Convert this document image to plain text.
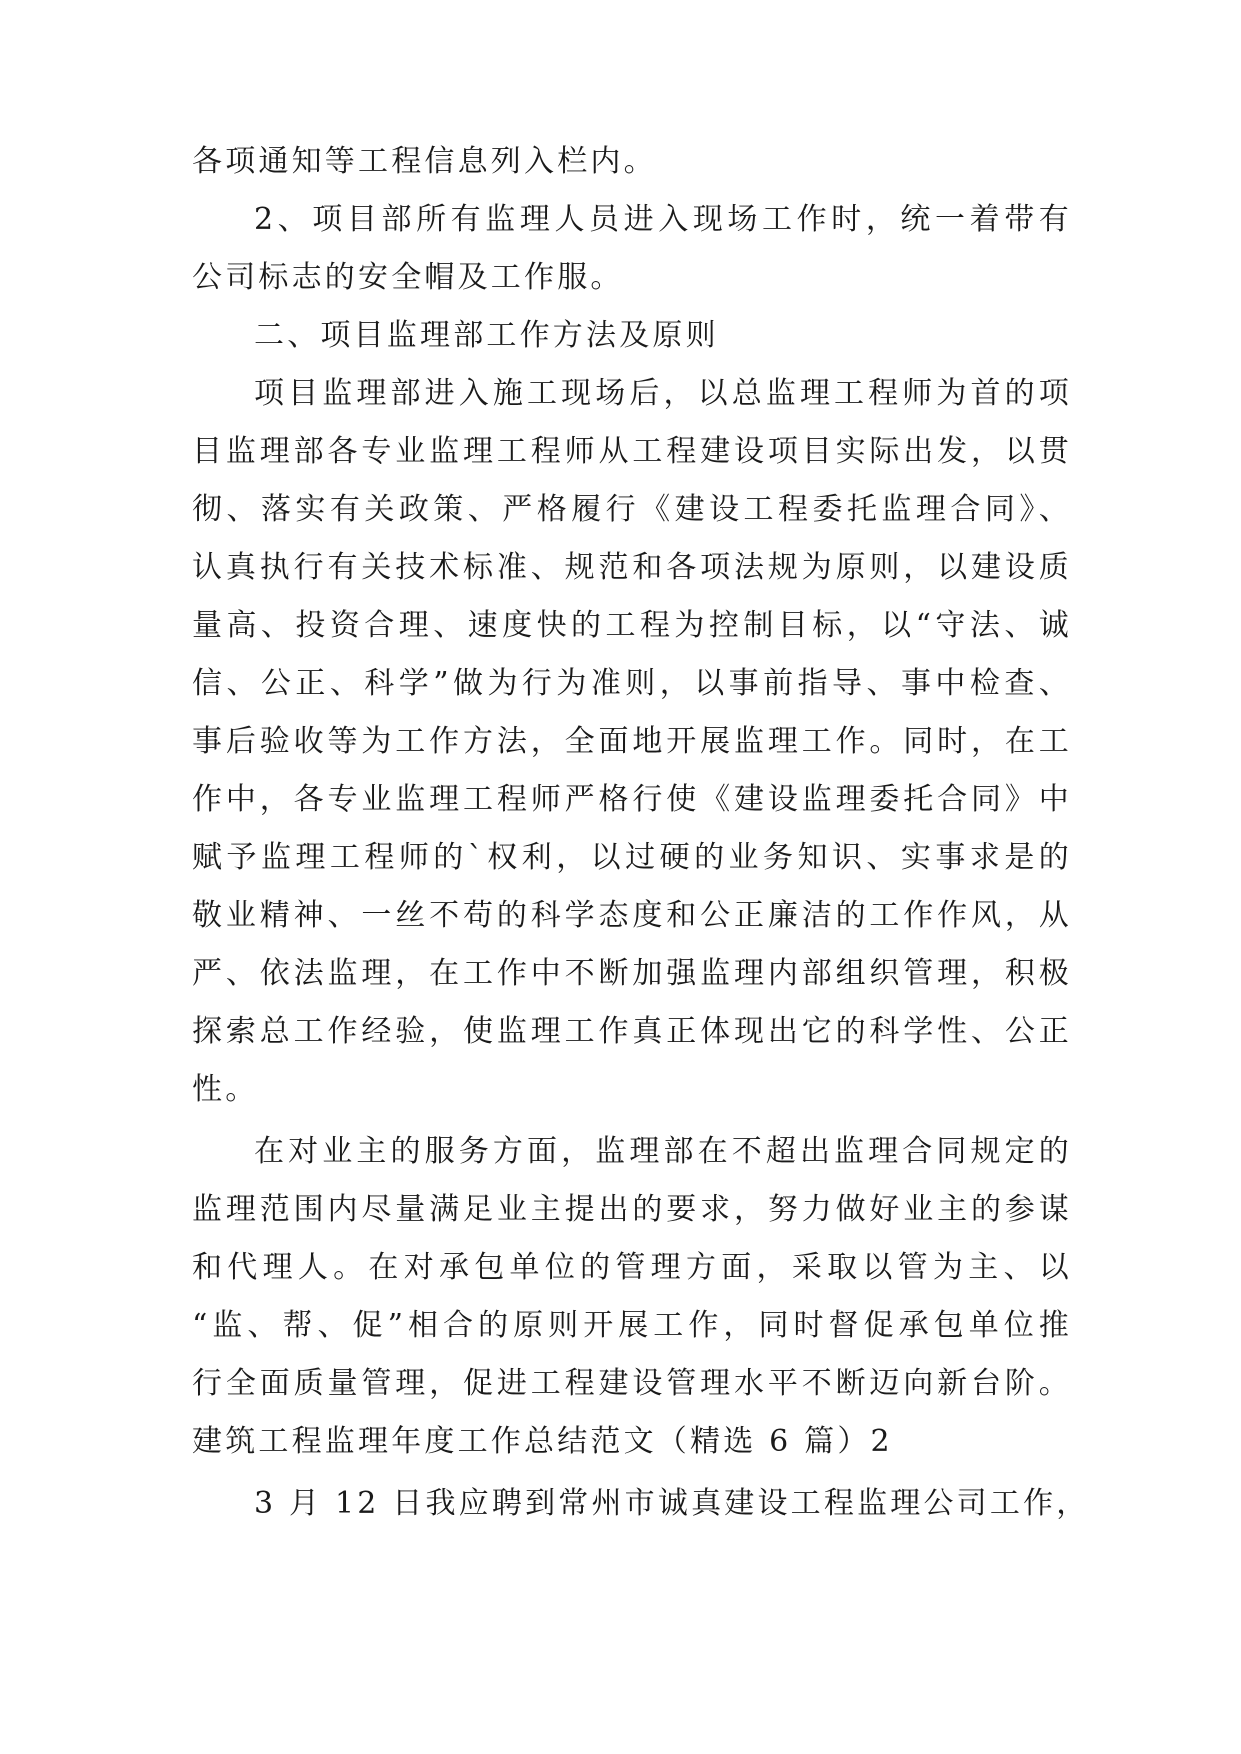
各项通知等工程信息列入栏内。
2、项目部所有监理人员进入现场工作时，统一着带有
公司标志的安全帽及工作服。
二、项目监理部工作方法及原则
项目监理部进入施工现场后，以总监理工程师为首的项
目监理部各专业监理工程师从工程建设项目实际出发，以贯
彻、落实有关政策、严格履行《建设工程委托监理合同》、
认真执行有关技术标准、规范和各项法规为原则，以建设质
量高、投资合理、速度快的工程为控制目标，以“守法、诚
信、公正、科学”做为行为准则，以事前指导、事中检查、
事后验收等为工作方法，全面地开展监理工作。同时，在工
作中，各专业监理工程师严格行使《建设监理委托合同》中
赋予监理工程师的`权利，以过硬的业务知识、实事求是的
敬业精神、一丝不苟的科学态度和公正廉洁的工作作风，从
严、依法监理，在工作中不断加强监理内部组织管理，积极
探索总工作经验，使监理工作真正体现出它的科学性、公正
性。
在对业主的服务方面，监理部在不超出监理合同规定的
监理范围内尽量满足业主提出的要求，努力做好业主的参谋
和代理人。在对承包单位的管理方面，采取以管为主、以
“监、帮、促”相合的原则开展工作，同时督促承包单位推
行全面质量管理，促进工程建设管理水平不断迈向新台阶。
建筑工程监理年度工作总结范文（精选 6 篇）2
3 月 12 日我应聘到常州市诚真建设工程监理公司工作，
